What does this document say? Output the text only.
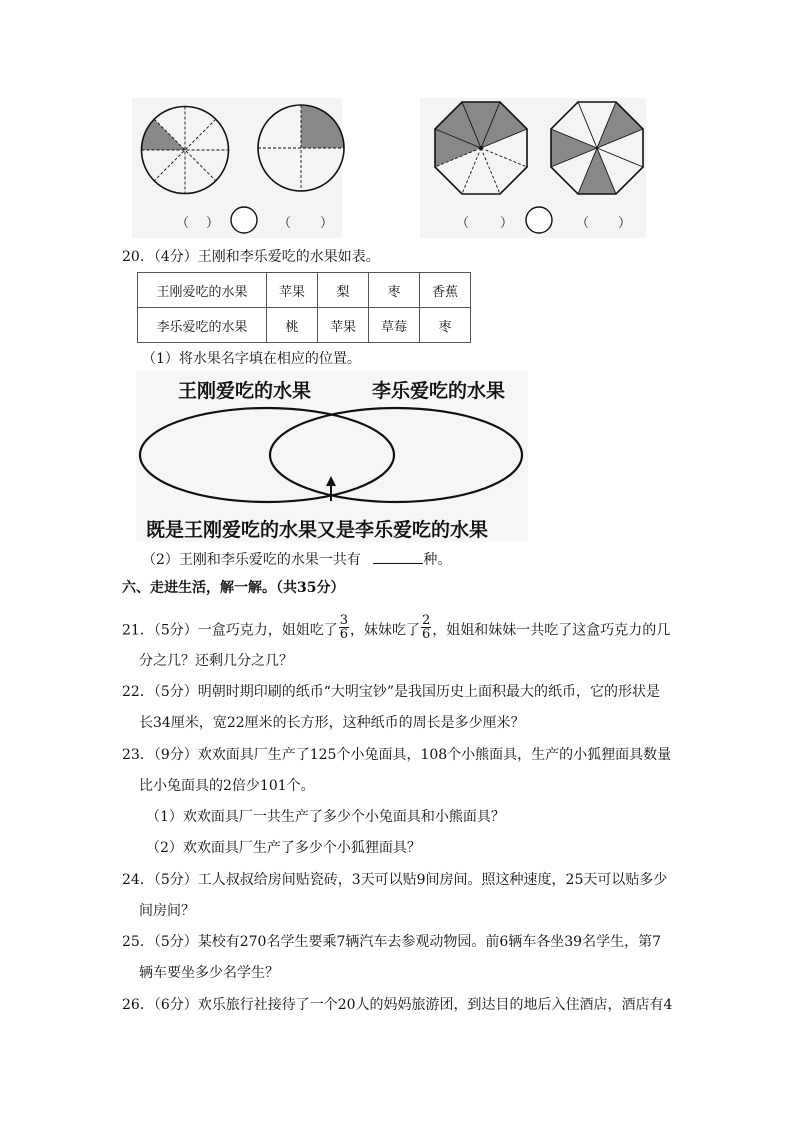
（ ）	（ ）	（ ）	（ ）
20．（4分）王刚和李乐爱吃的水果如表。
王刚爱吃的水果	苹果	梨	枣	香蕉
李乐爱吃的水果	桃	苹果	草莓	枣
（1）将水果名字填在相应的位置。
王刚爱吃的水果	李乐爱吃的水果
既是王刚爱吃的水果又是李乐爱吃的水果
（2）王刚和李乐爱吃的水果一共有	种。
六、走进生活，解一解。（共35分）
21．（5分）一盒巧克力，姐姐吃了 $\frac{3}{6}$ ，妹妹吃了 $\frac{2}{6}$ ，姐姐和妹妹一共吃了这盒巧克力的几
分之几？还剩几分之几？
22．（5分）明朝时期印刷的纸币“大明宝钞”是我国历史上面积最大的纸币，它的形状是
长34厘米，宽22厘米的长方形，这种纸币的周长是多少厘米？
23．（9分）欢欢面具厂生产了125个小兔面具，108个小熊面具，生产的小狐狸面具数量
比小兔面具的2倍少101个。
（1）欢欢面具厂一共生产了多少个小兔面具和小熊面具？
（2）欢欢面具厂生产了多少个小狐狸面具？
24．（5分）工人叔叔给房间贴瓷砖，3天可以贴9间房间。照这种速度，25天可以贴多少
间房间？
25．（5分）某校有270名学生要乘7辆汽车去参观动物园。前6辆车各坐39名学生，第7
辆车要坐多少名学生？
26．（6分）欢乐旅行社接待了一个20人的妈妈旅游团，到达目的地后入住酒店，酒店有4
